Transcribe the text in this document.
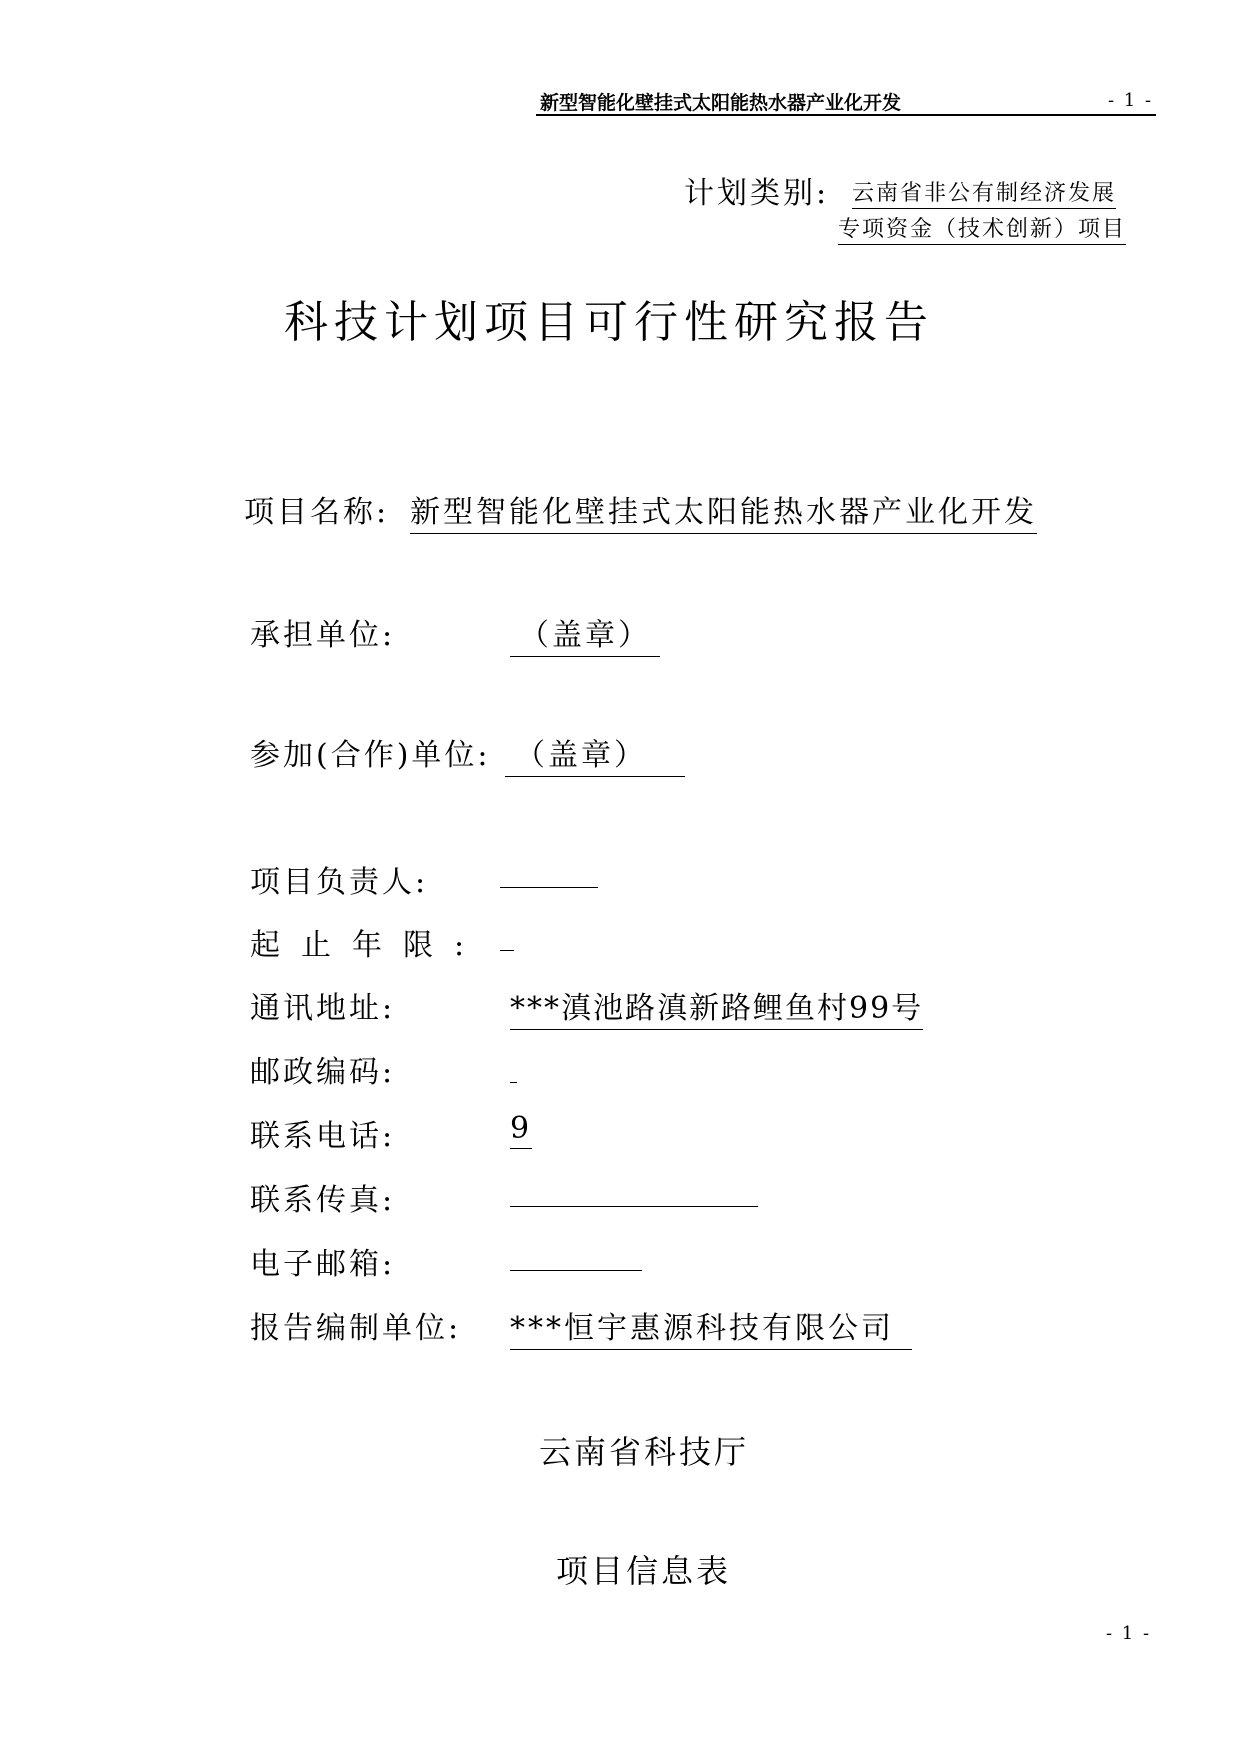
新型智能化壁挂式太阳能热水器产业化开发	- 1 -
计划类别: 云南省非公有制经济发展
专项资金（技术创新）项目
科技计划项目可行性研究报告
项目名称: 新型智能化壁挂式太阳能热水器产业化开发
承担单位:	（盖章）
参加(合作)单位: （盖章）
项目负责人:
起止年限:
通讯地址:	***滇池路滇新路鲤鱼村99号
邮政编码:
联系电话:	9
联系传真:
电子邮箱:
报告编制单位: ***恒宇惠源科技有限公司
云南省科技厅
项目信息表
- 1 -
